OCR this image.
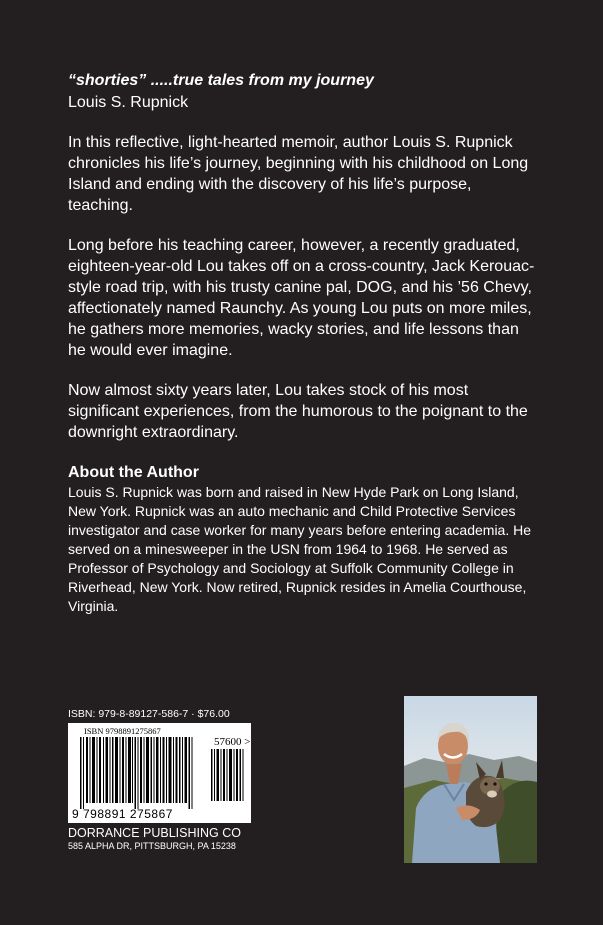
“shorties” .....true tales from my journey

Louis S. Rupnick

In this reflective, light-hearted memoir, author Louis S. Rupnick chronicles his life’s journey, beginning with his childhood on Long Island and ending with the discovery of his life’s purpose, teaching.

Long before his teaching career, however, a recently graduated, eighteen-year-old Lou takes off on a cross-country, Jack Kerouac-style road trip, with his trusty canine pal, DOG, and his ’56 Chevy, affectionately named Raunchy. As young Lou puts on more miles, he gathers more memories, wacky stories, and life lessons than he would ever imagine.

Now almost sixty years later, Lou takes stock of his most significant experiences, from the humorous to the poignant to the downright extraordinary.

About the Author

Louis S. Rupnick was born and raised in New Hyde Park on Long Island, New York. Rupnick was an auto mechanic and Child Protective Services investigator and case worker for many years before entering academia. He served on a minesweeper in the USN from 1964 to 1968. He served as Professor of Psychology and Sociology at Suffolk Community College in Riverhead, New York. Now retired, Rupnick resides in Amelia Courthouse, Virginia.

ISBN: 979-8-89127-586-7 · $76.00
ISBN 9798891275867
57600 >
9 798891 275867
DORRANCE PUBLISHING CO
585 ALPHA DR, PITTSBURGH, PA 15238
